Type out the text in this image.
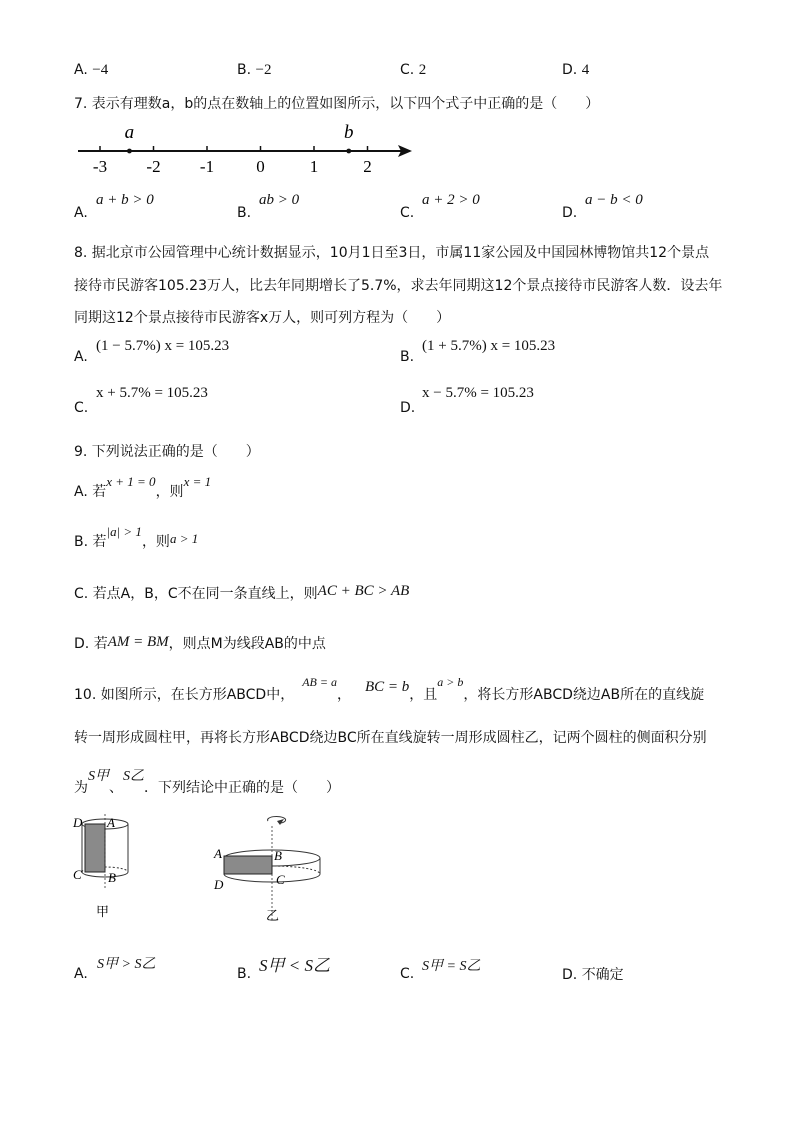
A. −4	B. −2	C. 2	D. 4
7. 表示有理数a，b的点在数轴上的位置如图所示，以下四个式子中正确的是（　　）
-3 -2 -1 0	1	2
a	b
A.
a + b > 0
B.
ab > 0
C.
a + 2 > 0
D.
a − b < 0
8. 据北京市公园管理中心统计数据显示，10月1日至3日，市属11家公园及中国园林博物馆共12个景点
接待市民游客105.23万人，比去年同期增长了5.7%，求去年同期这12个景点接待市民游客人数．设去年
同期这12个景点接待市民游客x万人，则可列方程为（　　）
A.
(1 − 5.7%) x = 105.23
B.
(1 + 5.7%) x = 105.23
C.
x + 5.7% = 105.23
D.
x − 5.7% = 105.23
9. 下列说法正确的是（　　）
A. 若x + 1 = 0，则x = 1
B. 若|a| > 1，则a > 1
C. 若点A，B，C不在同一条直线上，则AC + BC > AB
D. 若AM = BM，则点M为线段AB的中点
10. 如图所示，在长方形ABCD中，AB = a， BC = b，且a > b，将长方形ABCD绕边AB所在的直线旋
转一周形成圆柱甲，再将长方形ABCD绕边BC所在直线旋转一周形成圆柱乙，记两个圆柱的侧面积分别
为S甲、S乙．下列结论中正确的是（　　）
D A
C B
甲
A	B
C
D
乙
A.
S甲 > S乙
B. S甲 < S乙	C. S甲 = S乙
D. 不确定
